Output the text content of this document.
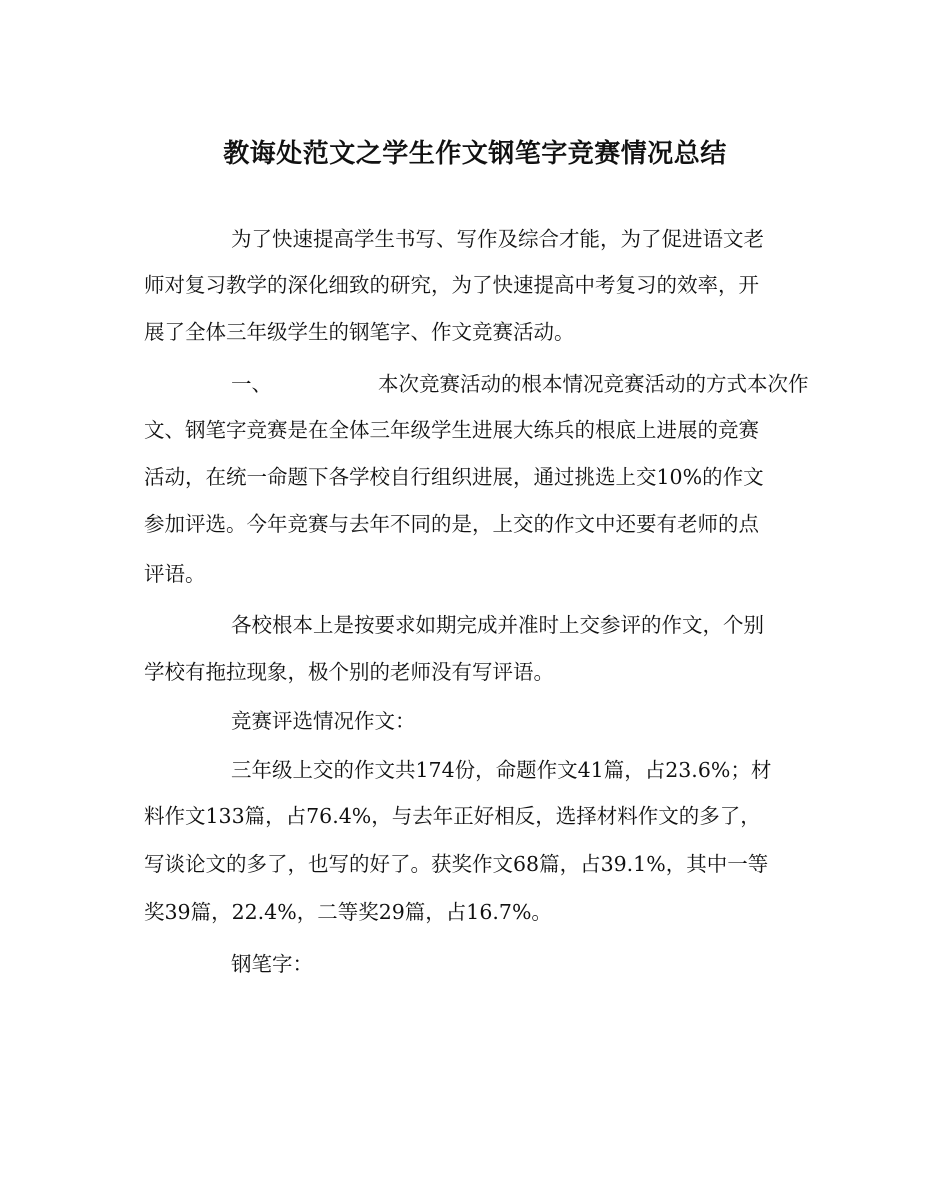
教诲处范文之学生作文钢笔字竞赛情况总结
为了快速提高学生书写、写作及综合才能，为了促进语文老
师对复习教学的深化细致的研究，为了快速提高中考复习的效率，开
展了全体三年级学生的钢笔字、作文竞赛活动。
一、	本次竞赛活动的根本情况竞赛活动的方式本次作
文、钢笔字竞赛是在全体三年级学生进展大练兵的根底上进展的竞赛
活动，在统一命题下各学校自行组织进展，通过挑选上交10%的作文
参加评选。今年竞赛与去年不同的是，上交的作文中还要有老师的点
评语。
各校根本上是按要求如期完成并准时上交参评的作文，个别
学校有拖拉现象，极个别的老师没有写评语。
竞赛评选情况作文：
三年级上交的作文共174份，命题作文41篇，占23.6%；材
料作文133篇，占76.4%，与去年正好相反，选择材料作文的多了，
写谈论文的多了，也写的好了。获奖作文68篇，占39.1%，其中一等
奖39篇，22.4%，二等奖29篇，占16.7%。
钢笔字：
